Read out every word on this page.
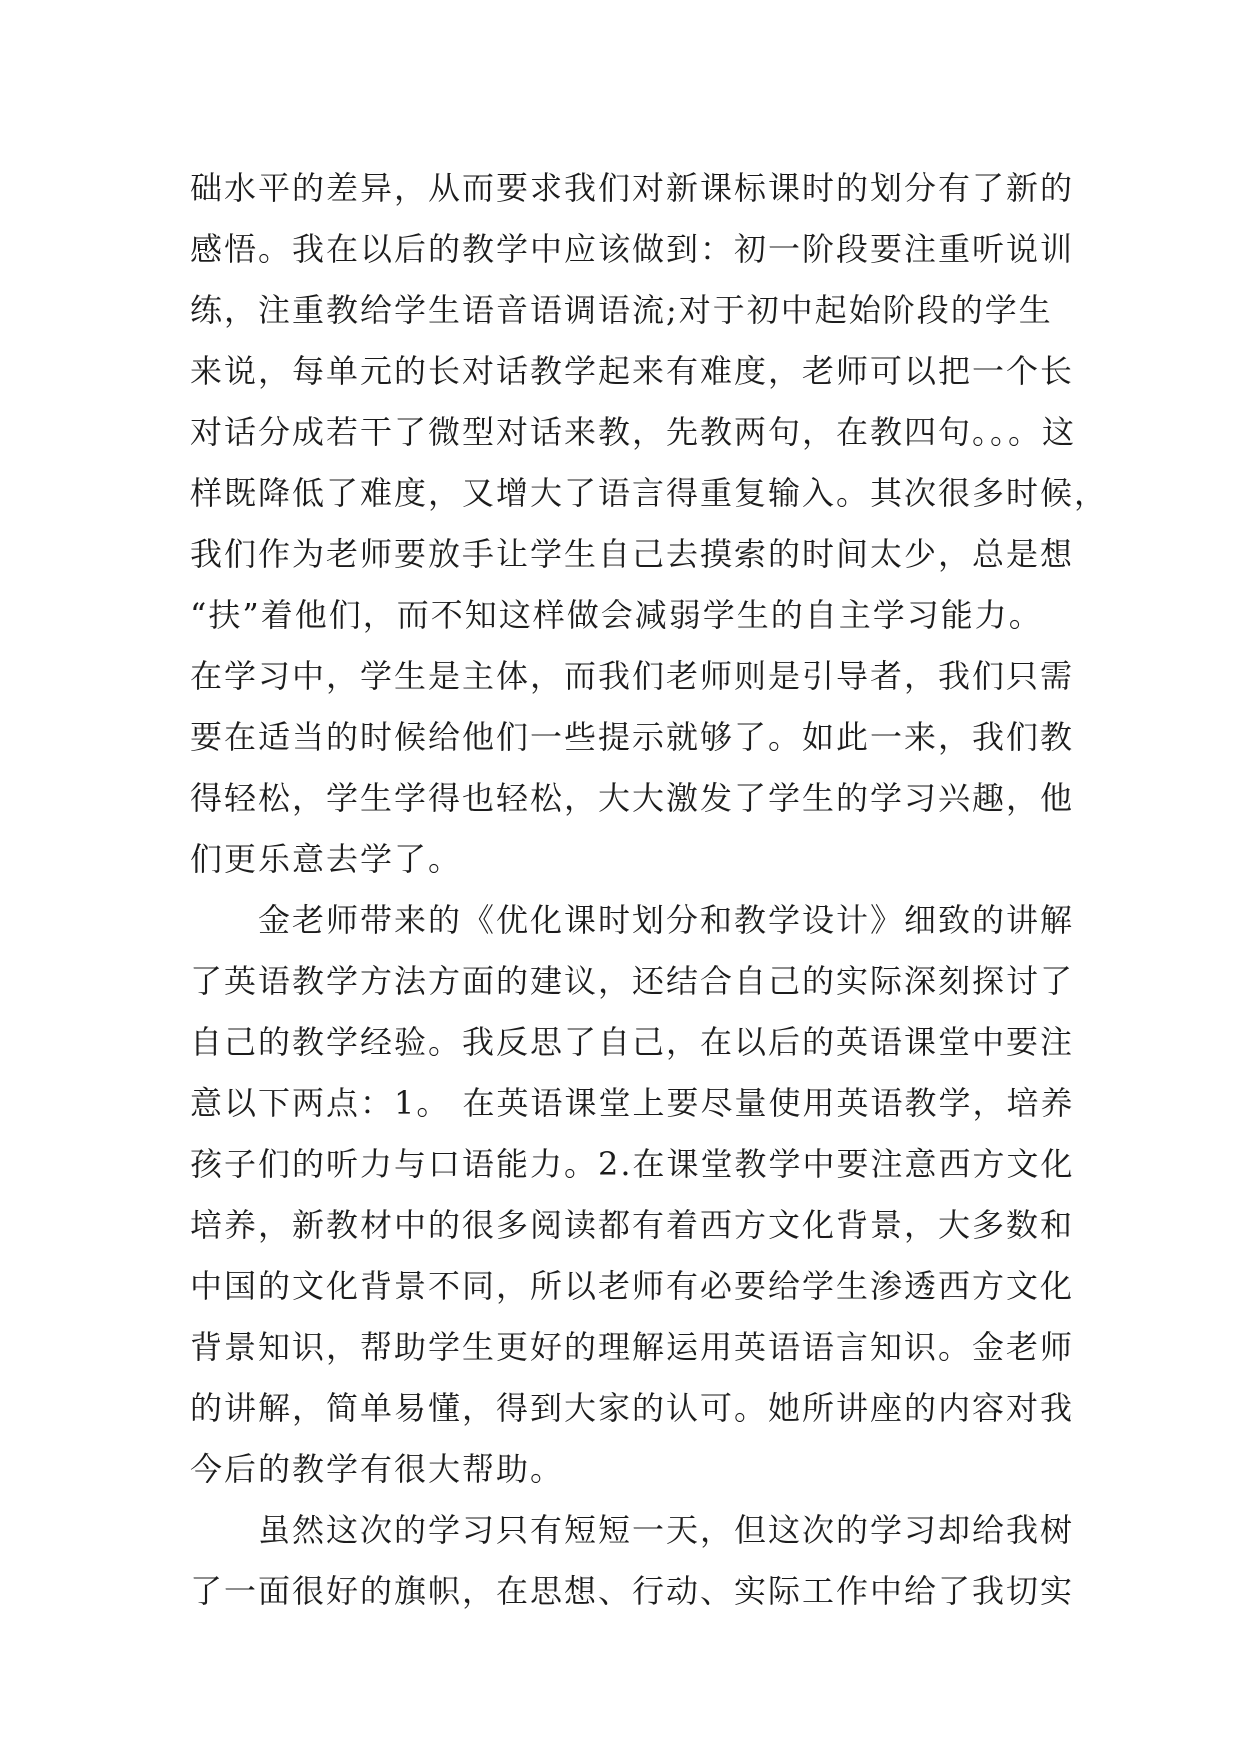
础水平的差异，从而要求我们对新课标课时的划分有了新的
感悟。我在以后的教学中应该做到：初一阶段要注重听说训
练，注重教给学生语音语调语流;对于初中起始阶段的学生
来说，每单元的长对话教学起来有难度，老师可以把一个长
对话分成若干了微型对话来教，先教两句，在教四句。。。这
样既降低了难度，又增大了语言得重复输入。其次很多时候，
我们作为老师要放手让学生自己去摸索的时间太少，总是想
“扶”着他们，而不知这样做会减弱学生的自主学习能力。
在学习中，学生是主体，而我们老师则是引导者，我们只需
要在适当的时候给他们一些提示就够了。如此一来，我们教
得轻松，学生学得也轻松，大大激发了学生的学习兴趣，他
们更乐意去学了。
金老师带来的《优化课时划分和教学设计》细致的讲解
了英语教学方法方面的建议，还结合自己的实际深刻探讨了
自己的教学经验。我反思了自己，在以后的英语课堂中要注
意以下两点：1。 在英语课堂上要尽量使用英语教学，培养
孩子们的听力与口语能力。2.在课堂教学中要注意西方文化
培养，新教材中的很多阅读都有着西方文化背景，大多数和
中国的文化背景不同，所以老师有必要给学生渗透西方文化
背景知识，帮助学生更好的理解运用英语语言知识。金老师
的讲解，简单易懂，得到大家的认可。她所讲座的内容对我
今后的教学有很大帮助。
虽然这次的学习只有短短一天，但这次的学习却给我树
了一面很好的旗帜，在思想、行动、实际工作中给了我切实
